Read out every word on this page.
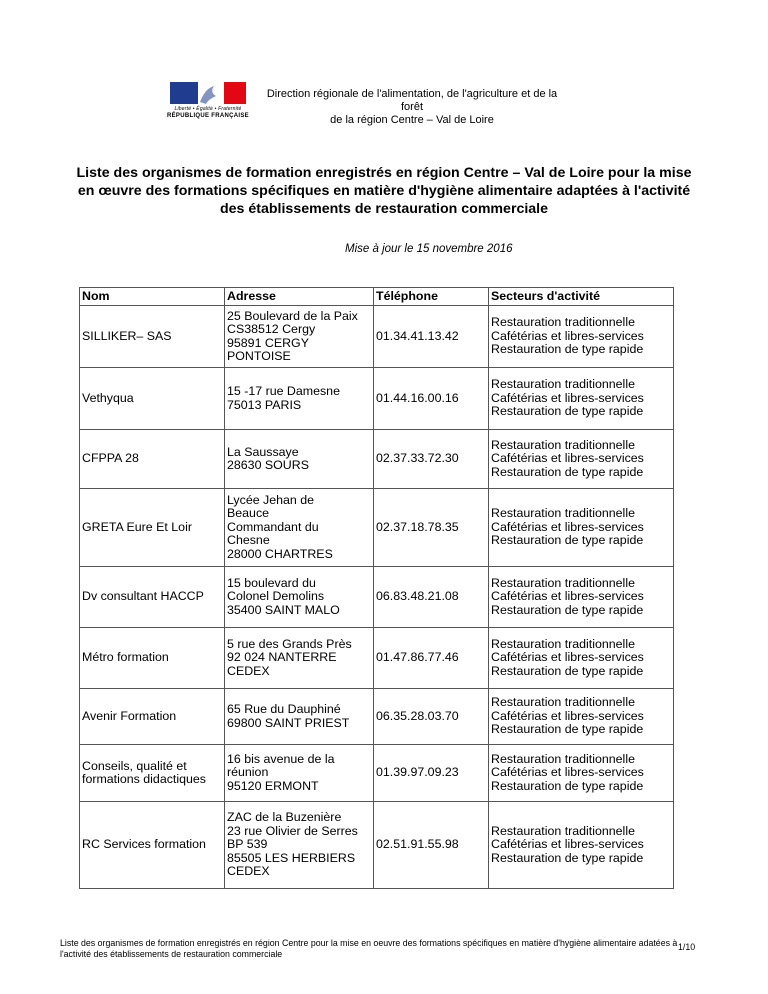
Liberté • Égalité • Fraternité
RÉPUBLIQUE FRANÇAISE
Direction régionale de l'alimentation, de l'agriculture et de la forêt
de la région Centre – Val de Loire
Liste des organismes de formation enregistrés en région Centre – Val de Loire pour la mise en œuvre des formations spécifiques en matière d'hygiène alimentaire adaptées à l'activité des établissements de restauration commerciale
Mise à jour le 15 novembre 2016
Nom	Adresse	Téléphone	Secteurs d'activité
SILLIKER– SAS	25 Boulevard de la Paix
CS38512 Cergy
95891 CERGY
PONTOISE	01.34.41.13.42	Restauration traditionnelle
Cafétérias et libres-services
Restauration de type rapide
Vethyqua	15 -17 rue Damesne
75013 PARIS	01.44.16.00.16	Restauration traditionnelle
Cafétérias et libres-services
Restauration de type rapide
CFPPA 28	La Saussaye
28630 SOURS	02.37.33.72.30	Restauration traditionnelle
Cafétérias et libres-services
Restauration de type rapide
GRETA Eure Et Loir	Lycée Jehan de
Beauce
Commandant du
Chesne
28000 CHARTRES	02.37.18.78.35	Restauration traditionnelle
Cafétérias et libres-services
Restauration de type rapide
Dv consultant HACCP	15 boulevard du
Colonel Demolins
35400 SAINT MALO	06.83.48.21.08	Restauration traditionnelle
Cafétérias et libres-services
Restauration de type rapide
Métro formation	5 rue des Grands Près
92 024 NANTERRE
CEDEX	01.47.86.77.46	Restauration traditionnelle
Cafétérias et libres-services
Restauration de type rapide
Avenir Formation	65 Rue du Dauphiné
69800 SAINT PRIEST	06.35.28.03.70	Restauration traditionnelle
Cafétérias et libres-services
Restauration de type rapide
Conseils, qualité et formations didactiques	16 bis avenue de la
réunion
95120 ERMONT	01.39.97.09.23	Restauration traditionnelle
Cafétérias et libres-services
Restauration de type rapide
RC Services formation	ZAC de la Buzenière
23 rue Olivier de Serres
BP 539
85505 LES HERBIERS
CEDEX	02.51.91.55.98	Restauration traditionnelle
Cafétérias et libres-services
Restauration de type rapide
Liste des organismes de formation enregistrés en région Centre pour la mise en oeuvre des formations spécifiques en matière d'hygiène alimentaire adatées à l'activité des établissements de restauration commerciale
1/10
